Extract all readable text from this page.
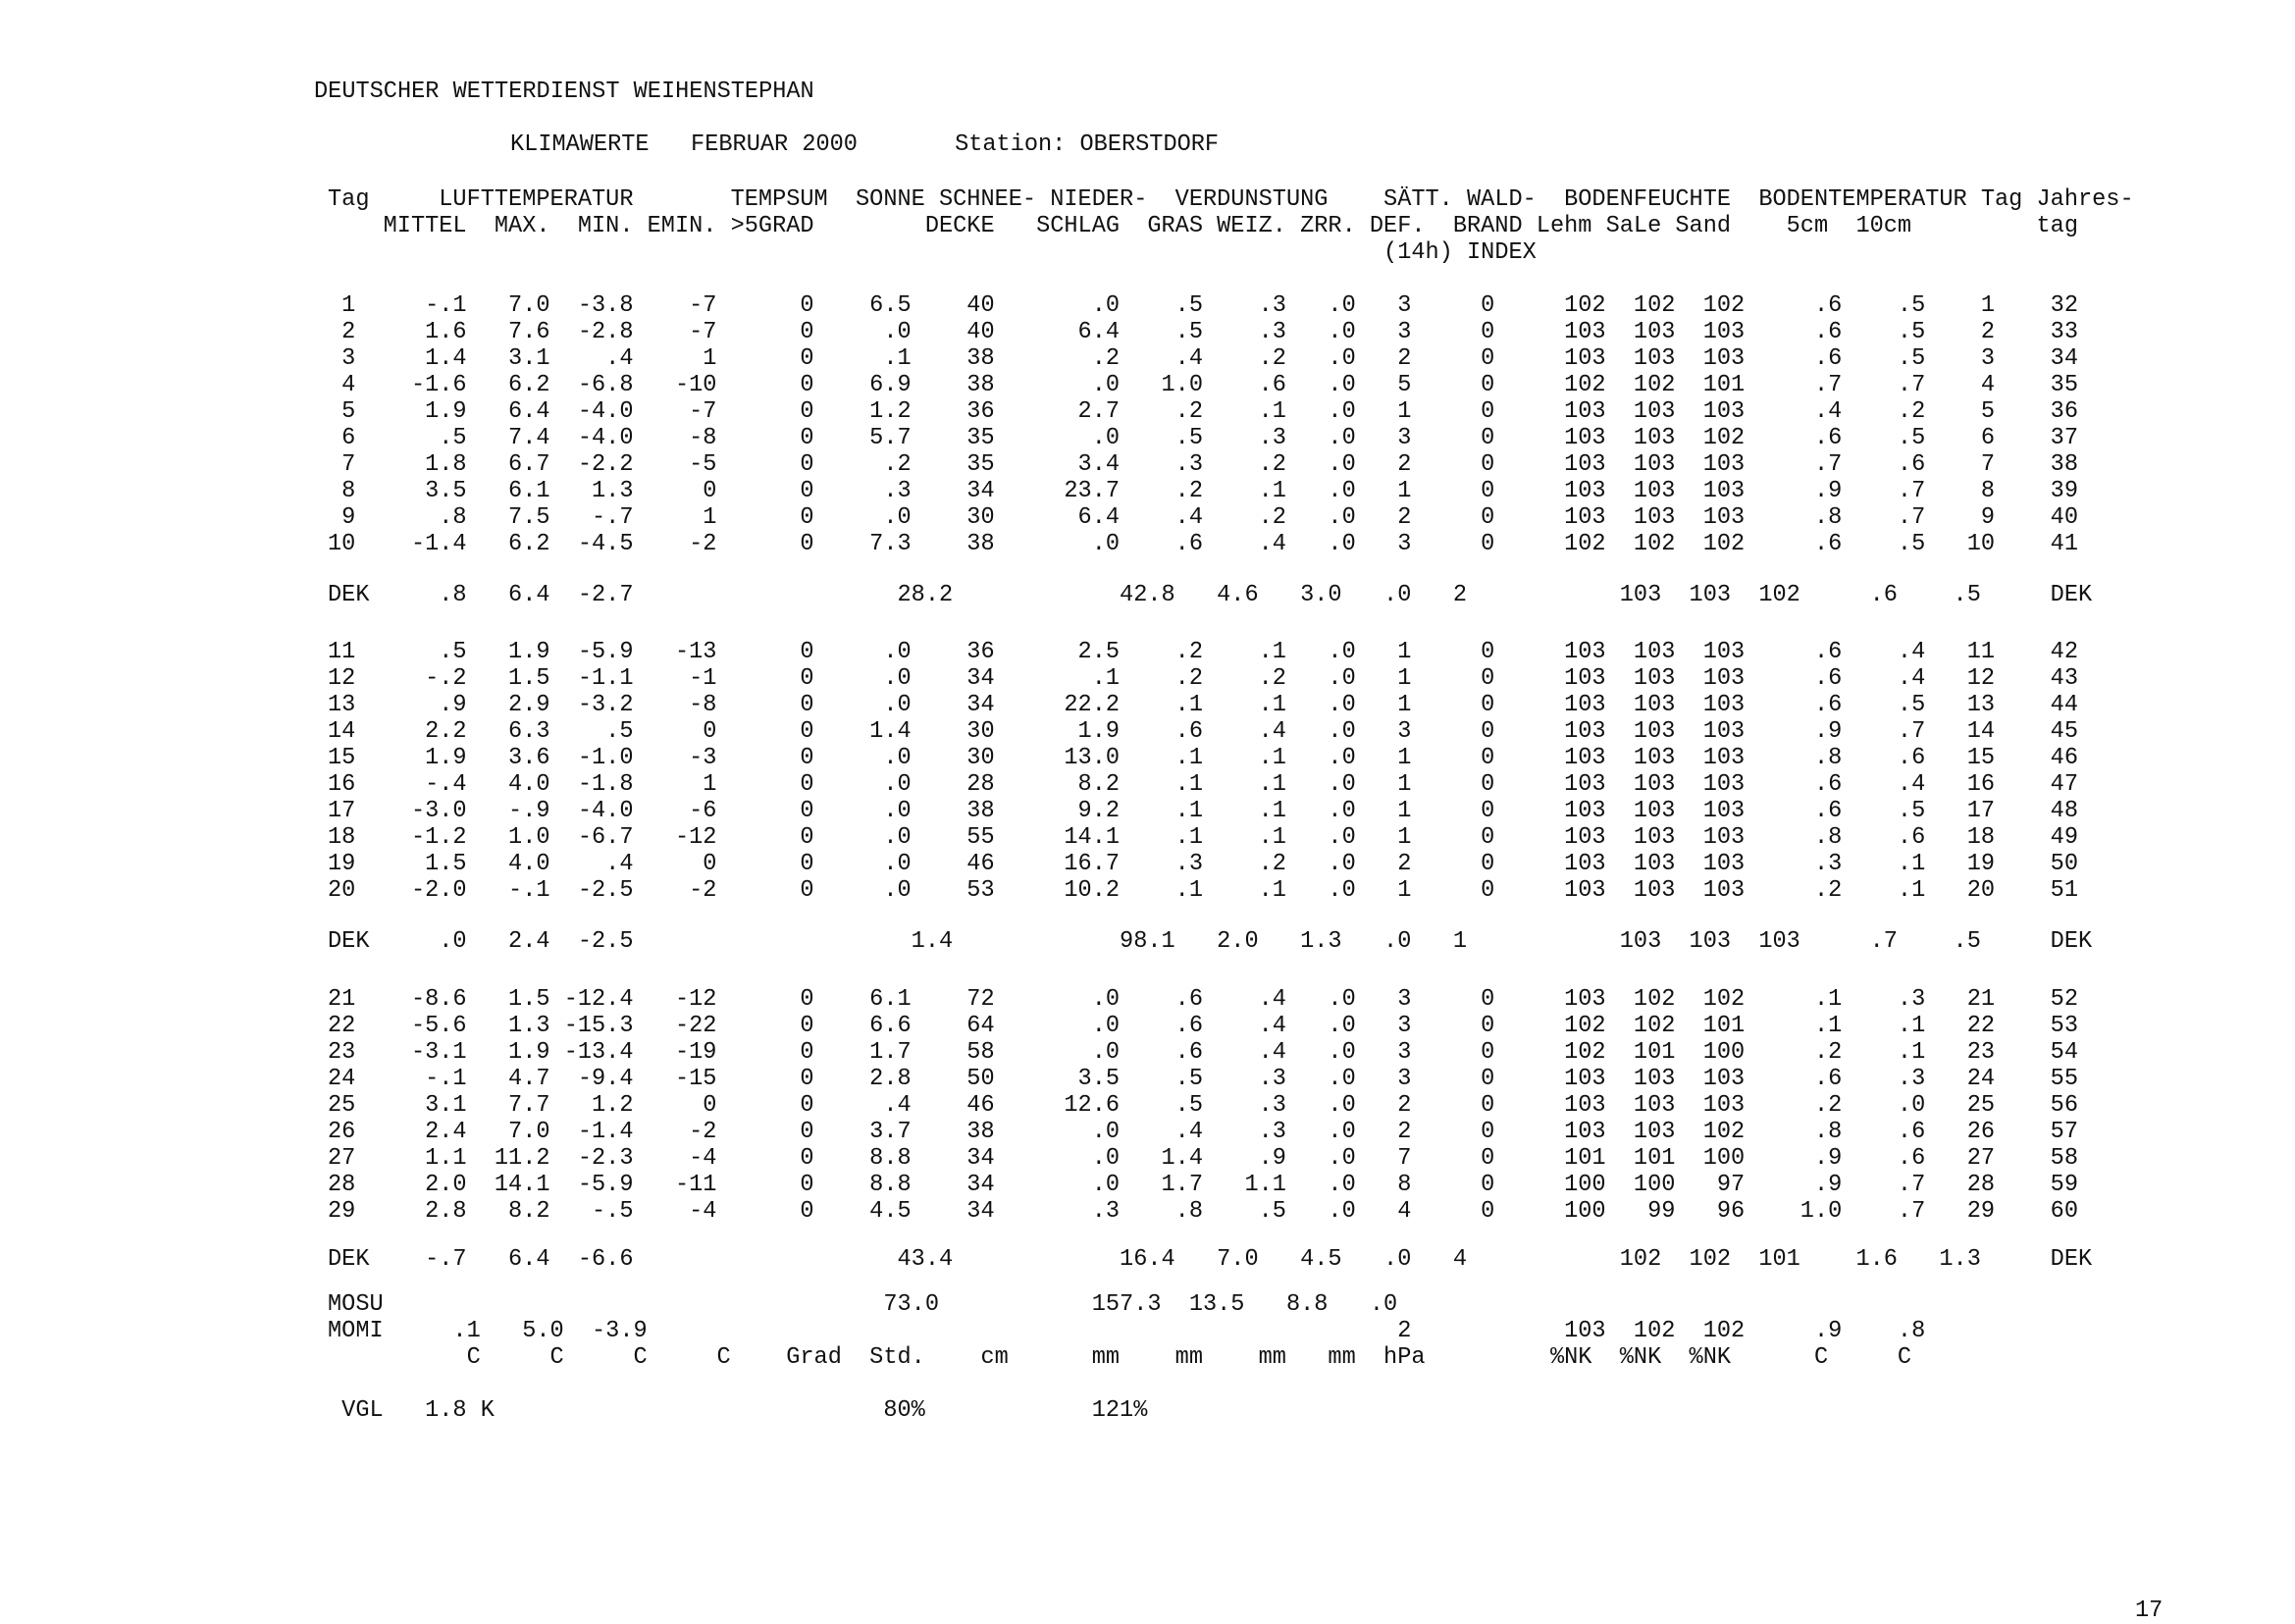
DEUTSCHER WETTERDIENST WEIHENSTEPHAN
KLIMAWERTE   FEBRUAR 2000       Station: OBERSTDORF
Tag     LUFTTEMPERATUR       TEMPSUM  SONNE SCHNEE- NIEDER-  VERDUNSTUNG    SÄTT. WALD-  BODENFEUCHTE  BODENTEMPERATUR Tag Jahres-
MITTEL  MAX.  MIN. EMIN. >5GRAD        DECKE   SCHLAG  GRAS WEIZ. ZRR. DEF.  BRAND Lehm SaLe Sand    5cm  10cm         tag
(14h) INDEX
1     -.1   7.0  -3.8    -7      0    6.5    40       .0    .5    .3   .0   3     0     102  102  102     .6    .5    1    32
2     1.6   7.6  -2.8    -7      0     .0    40      6.4    .5    .3   .0   3     0     103  103  103     .6    .5    2    33
3     1.4   3.1    .4     1      0     .1    38       .2    .4    .2   .0   2     0     103  103  103     .6    .5    3    34
4    -1.6   6.2  -6.8   -10      0    6.9    38       .0   1.0    .6   .0   5     0     102  102  101     .7    .7    4    35
5     1.9   6.4  -4.0    -7      0    1.2    36      2.7    .2    .1   .0   1     0     103  103  103     .4    .2    5    36
6      .5   7.4  -4.0    -8      0    5.7    35       .0    .5    .3   .0   3     0     103  103  102     .6    .5    6    37
7     1.8   6.7  -2.2    -5      0     .2    35      3.4    .3    .2   .0   2     0     103  103  103     .7    .6    7    38
8     3.5   6.1   1.3     0      0     .3    34     23.7    .2    .1   .0   1     0     103  103  103     .9    .7    8    39
9      .8   7.5   -.7     1      0     .0    30      6.4    .4    .2   .0   2     0     103  103  103     .8    .7    9    40
10    -1.4   6.2  -4.5    -2      0    7.3    38       .0    .6    .4   .0   3     0     102  102  102     .6    .5   10    41
DEK     .8   6.4  -2.7                   28.2            42.8   4.6   3.0   .0   2           103  103  102     .6    .5     DEK
11      .5   1.9  -5.9   -13      0     .0    36      2.5    .2    .1   .0   1     0     103  103  103     .6    .4   11    42
12     -.2   1.5  -1.1    -1      0     .0    34       .1    .2    .2   .0   1     0     103  103  103     .6    .4   12    43
13      .9   2.9  -3.2    -8      0     .0    34     22.2    .1    .1   .0   1     0     103  103  103     .6    .5   13    44
14     2.2   6.3    .5     0      0    1.4    30      1.9    .6    .4   .0   3     0     103  103  103     .9    .7   14    45
15     1.9   3.6  -1.0    -3      0     .0    30     13.0    .1    .1   .0   1     0     103  103  103     .8    .6   15    46
16     -.4   4.0  -1.8     1      0     .0    28      8.2    .1    .1   .0   1     0     103  103  103     .6    .4   16    47
17    -3.0   -.9  -4.0    -6      0     .0    38      9.2    .1    .1   .0   1     0     103  103  103     .6    .5   17    48
18    -1.2   1.0  -6.7   -12      0     .0    55     14.1    .1    .1   .0   1     0     103  103  103     .8    .6   18    49
19     1.5   4.0    .4     0      0     .0    46     16.7    .3    .2   .0   2     0     103  103  103     .3    .1   19    50
20    -2.0   -.1  -2.5    -2      0     .0    53     10.2    .1    .1   .0   1     0     103  103  103     .2    .1   20    51
DEK     .0   2.4  -2.5                    1.4            98.1   2.0   1.3   .0   1           103  103  103     .7    .5     DEK
21    -8.6   1.5 -12.4   -12      0    6.1    72       .0    .6    .4   .0   3     0     103  102  102     .1    .3   21    52
22    -5.6   1.3 -15.3   -22      0    6.6    64       .0    .6    .4   .0   3     0     102  102  101     .1    .1   22    53
23    -3.1   1.9 -13.4   -19      0    1.7    58       .0    .6    .4   .0   3     0     102  101  100     .2    .1   23    54
24     -.1   4.7  -9.4   -15      0    2.8    50      3.5    .5    .3   .0   3     0     103  103  103     .6    .3   24    55
25     3.1   7.7   1.2     0      0     .4    46     12.6    .5    .3   .0   2     0     103  103  103     .2    .0   25    56
26     2.4   7.0  -1.4    -2      0    3.7    38       .0    .4    .3   .0   2     0     103  103  102     .8    .6   26    57
27     1.1  11.2  -2.3    -4      0    8.8    34       .0   1.4    .9   .0   7     0     101  101  100     .9    .6   27    58
28     2.0  14.1  -5.9   -11      0    8.8    34       .0   1.7   1.1   .0   8     0     100  100   97     .9    .7   28    59
29     2.8   8.2   -.5    -4      0    4.5    34       .3    .8    .5   .0   4     0     100   99   96    1.0    .7   29    60
DEK    -.7   6.4  -6.6                   43.4            16.4   7.0   4.5   .0   4           102  102  101    1.6   1.3     DEK
MOSU                                    73.0           157.3  13.5   8.8   .0
MOMI     .1   5.0  -3.9                                                      2           103  102  102     .9    .8
C     C     C     C    Grad  Std.    cm      mm    mm    mm   mm  hPa         %NK  %NK  %NK      C     C
VGL   1.8 K                            80%            121%
17
